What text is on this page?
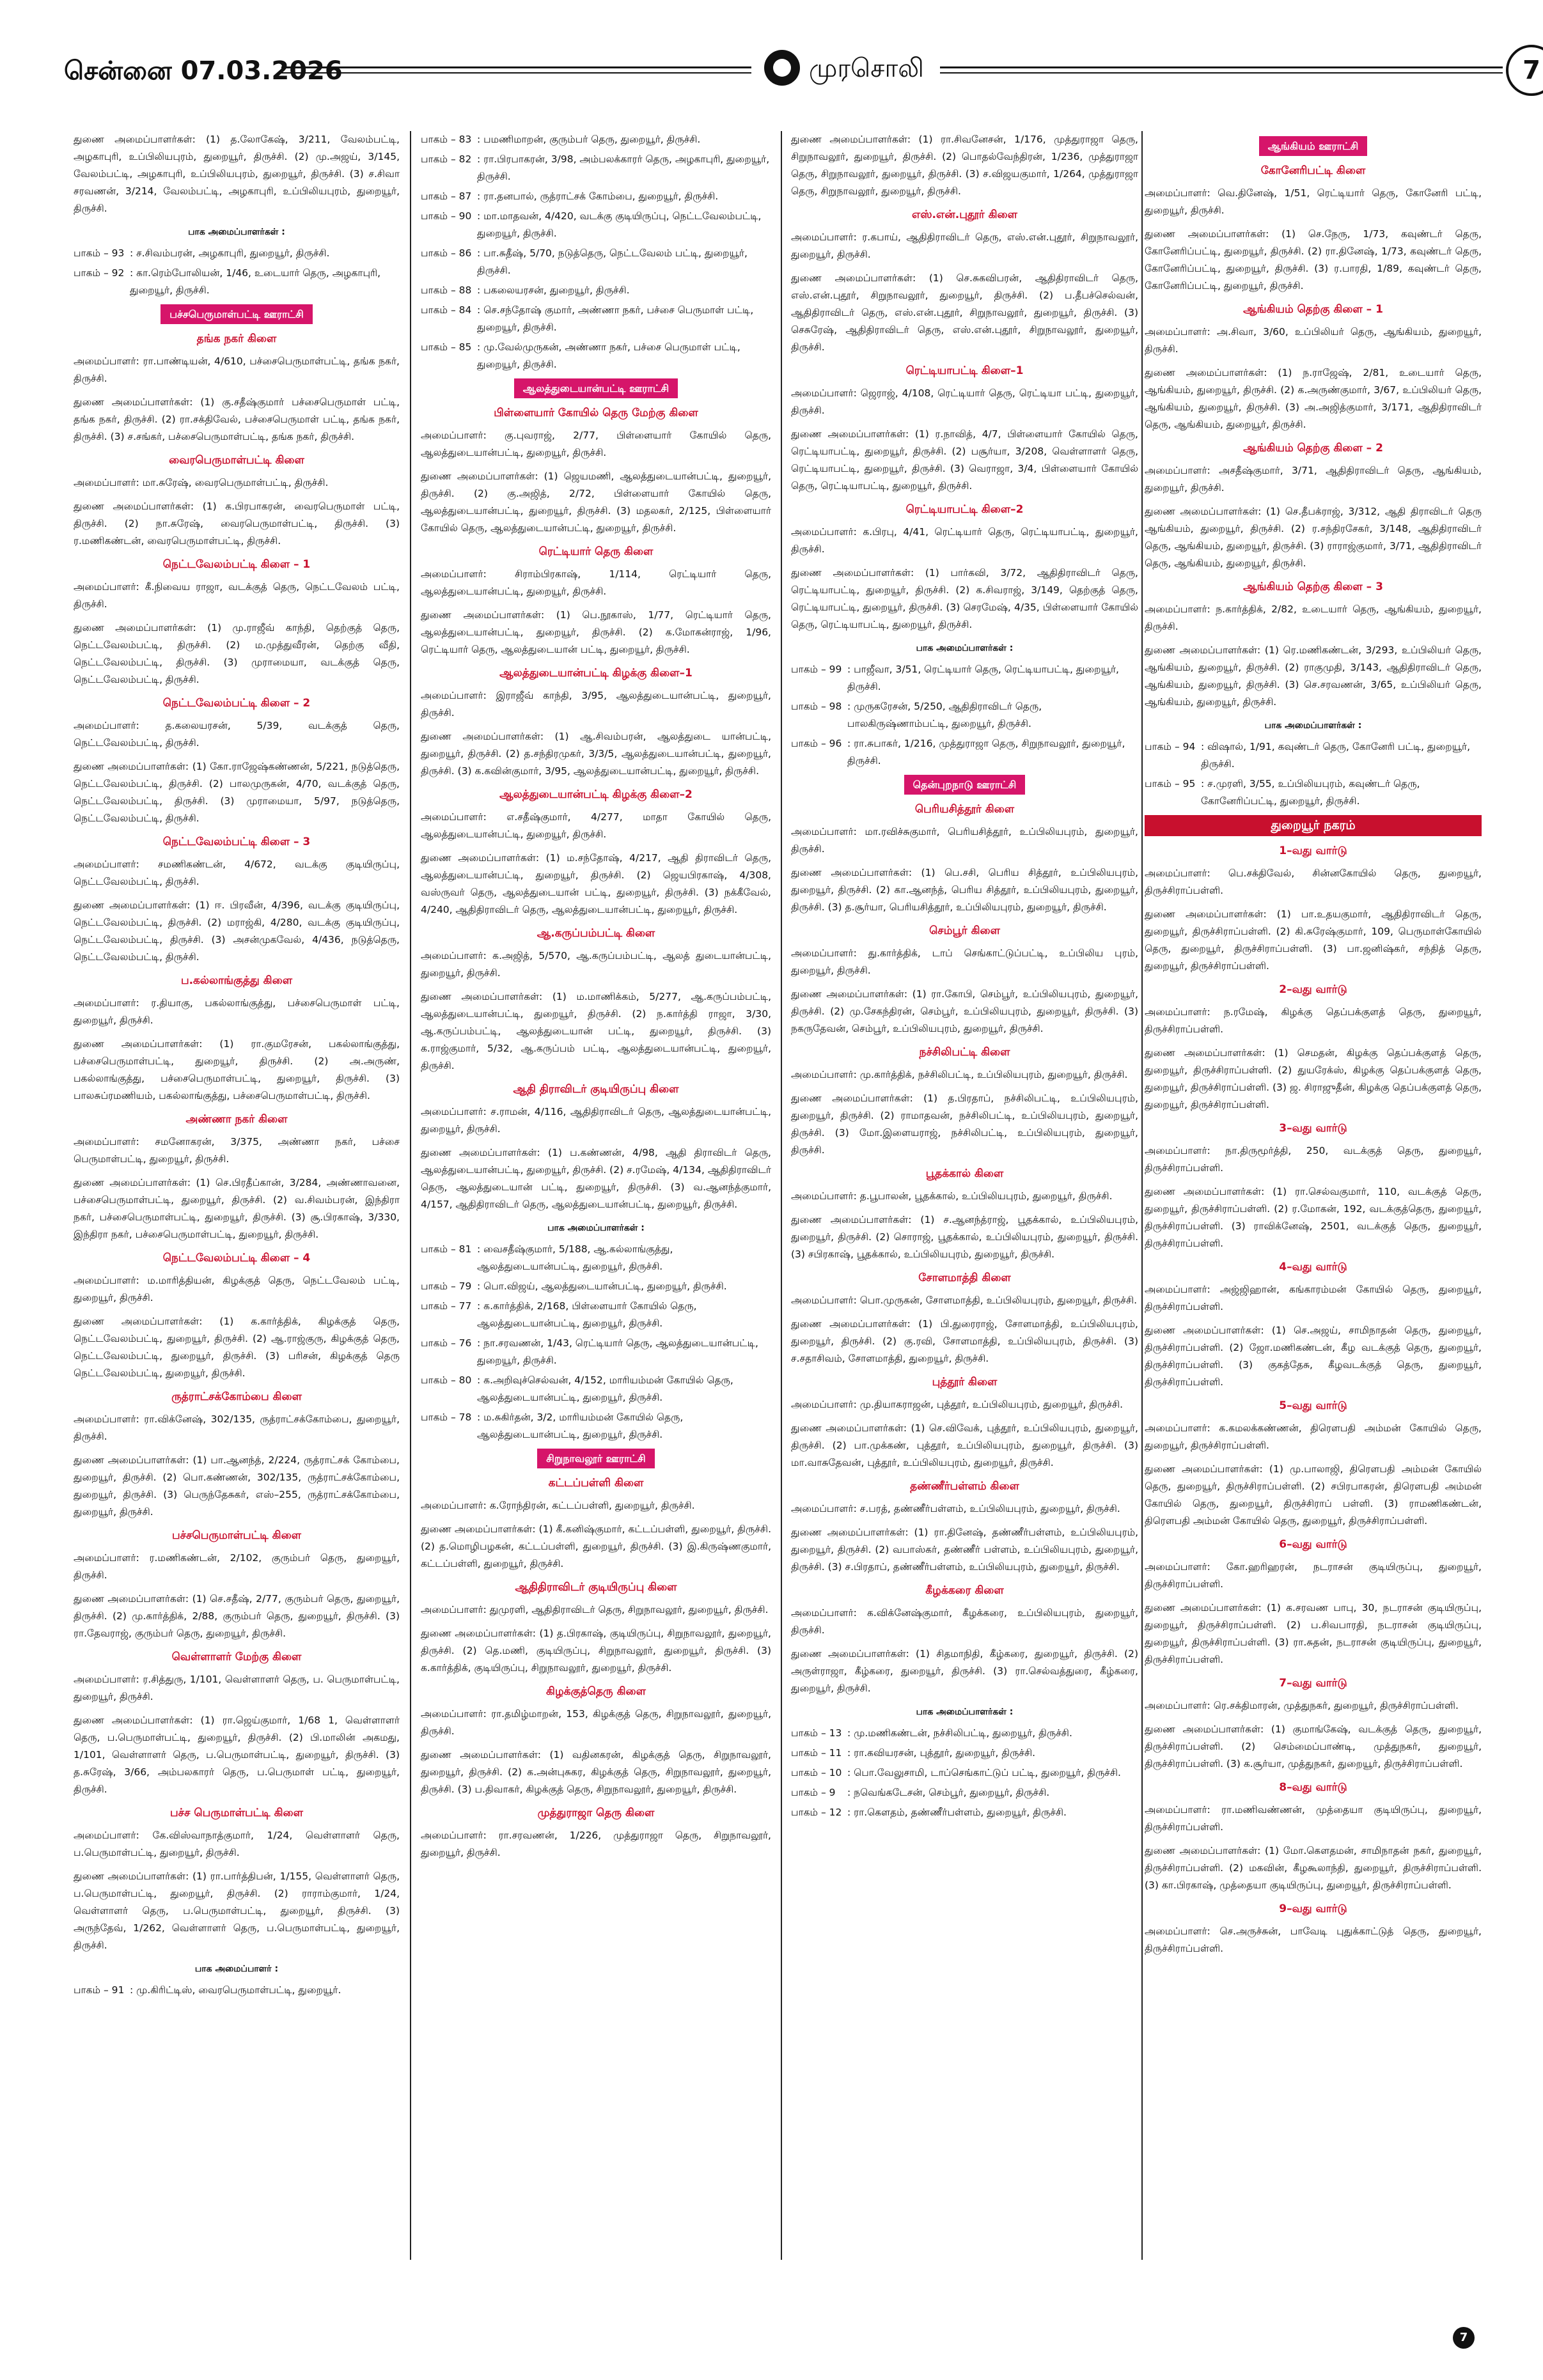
சென்னை 07.03.2026	முரசொலி	7
துணை அமைப்பாளர்கள்: (1) த.லோகேஷ், 3/211, வேலம்பட்டி, அழகாபுரி, உப்பிலியபுரம், துறையூர், திருச்சி. (2) மு.அஜய், 3/145, வேலம்பட்டி, அழகாபுரி, உப்பிலியபுரம், துறையூர், திருச்சி. (3) ச.சிவா சரவணன், 3/214, வேலம்பட்டி, அழகாபுரி, உப்பிலியபுரம், துறையூர், திருச்சி.
பாக அமைப்பாளர்கள் :
பாகம் – 93 : ச.சிவம்பரன், அழகாபுரி, துறையூர், திருச்சி.
பாகம் – 92 : கா.ரெம்போலியன், 1/46, உடையார் தெரு, அழகாபுரி, துறையூர், திருச்சி.
பச்சபெருமாள்பட்டி ஊராட்சி
தங்க நகர் கிளை
அமைப்பாளர்: ரா.பாண்டியன், 4/610, பச்சைபெருமாள்பட்டி, தங்க நகர், திருச்சி.
துணை அமைப்பாளர்கள்: (1) கு.சதீஷ்குமார் பச்சைபெருமாள் பட்டி, தங்க நகர், திருச்சி. (2) ரா.சக்திவேல், பச்சைபெருமாள் பட்டி, தங்க நகர், திருச்சி. (3) ச.சங்கர், பச்சைபெருமாள்பட்டி, தங்க நகர், திருச்சி.
வைரபெருமாள்பட்டி கிளை
அமைப்பாளர்: மா.சுரேஷ், வைரபெருமாள்பட்டி, திருச்சி.
துணை அமைப்பாளர்கள்: (1) க.பிரபாகரன், வைரபெருமாள் பட்டி, திருச்சி. (2) நா.சுரேஷ், வைரபெருமாள்பட்டி, திருச்சி. (3) ர.மணிகண்டன், வைரபெருமாள்பட்டி, திருச்சி.
நெட்டவேலம்பட்டி கிளை – 1
அமைப்பாளர்: கீ.நிவைய ராஜா, வடக்குத் தெரு, நெட்டவேலம் பட்டி, திருச்சி.
துணை அமைப்பாளர்கள்: (1) மு.ராஜீவ் காந்தி, தெற்குத் தெரு, நெட்டவேலம்பட்டி, திருச்சி. (2) ம.முத்துவீரன், தெற்கு வீதி, நெட்டவேலம்பட்டி, திருச்சி. (3) முராமையா, வடக்குத் தெரு, நெட்டவேலம்பட்டி, திருச்சி.
நெட்டவேலம்பட்டி கிளை – 2
அமைப்பாளர்: த.கலையரசன், 5/39, வடக்குத் தெரு, நெட்டவேலம்பட்டி, திருச்சி.
துணை அமைப்பாளர்கள்: (1) கோ.ராஜேஷ்கண்ணன், 5/221, நடுத்தெரு, நெட்டவேலம்பட்டி, திருச்சி. (2) பாலமுருகன், 4/70, வடக்குத் தெரு, நெட்டவேலம்பட்டி, திருச்சி. (3) முராமையா, 5/97, நடுத்தெரு, நெட்டவேலம்பட்டி, திருச்சி.
நெட்டவேலம்பட்டி கிளை – 3
அமைப்பாளர்: சமணிகண்டன், 4/672, வடக்கு குடியிருப்பு, நெட்டவேலம்பட்டி, திருச்சி.
துணை அமைப்பாளர்கள்: (1) ஈ. பிரவீன், 4/396, வடக்கு குடியிருப்பு, நெட்டவேலம்பட்டி, திருச்சி. (2) மராஜ்கி, 4/280, வடக்கு குடியிருப்பு, நெட்டவேலம்பட்டி, திருச்சி. (3) அசன்முகவேல், 4/436, நடுத்தெரு, நெட்டவேலம்பட்டி, திருச்சி.
ப.கல்லாங்குத்து கிளை
அமைப்பாளர்: ர.தியாகு, பகல்லாங்குத்து, பச்சைபெருமாள் பட்டி, துறையூர், திருச்சி.
துணை அமைப்பாளர்கள்: (1) ரா.குமரேசன், பகல்லாங்குத்து, பச்சைபெருமாள்பட்டி, துறையூர், திருச்சி. (2) அ.அருண், பகல்லாங்குத்து, பச்சைபெருமாள்பட்டி, துறையூர், திருச்சி. (3) பாலசுப்ரமணியம், பகல்லாங்குத்து, பச்சைபெருமாள்பட்டி, திருச்சி.
அண்ணா நகர் கிளை
அமைப்பாளர்: சமனோகரன், 3/375, அண்ணா நகர், பச்சை பெருமாள்பட்டி, துறையூர், திருச்சி.
துணை அமைப்பாளர்கள்: (1) செ.பிரதீப்கான், 3/284, அண்ணாவனை, பச்சைபெருமாள்பட்டி, துறையூர், திருச்சி. (2) வ.சிவம்பரன், இந்திரா நகர், பச்சைபெருமாள்பட்டி, துறையூர், திருச்சி. (3) சூ.பிரகாஷ், 3/330, இந்திரா நகர், பச்சைபெருமாள்பட்டி, துறையூர், திருச்சி.
நெட்டவேலம்பட்டி கிளை – 4
அமைப்பாளர்: ம.மாரித்தியன், கிழக்குத் தெரு, நெட்டவேலம் பட்டி, துறையூர், திருச்சி.
துணை அமைப்பாளர்கள்: (1) க.கார்த்திக், கிழக்குத் தெரு, நெட்டவேலம்பட்டி, துறையூர், திருச்சி. (2) ஆ.ராஜ்குரு, கிழக்குத் தெரு, நெட்டவேலம்பட்டி, துறையூர், திருச்சி. (3) பரிசன், கிழக்குத் தெரு நெட்டவேலம்பட்டி, துறையூர், திருச்சி.
ருத்ராட்சக்கோம்பை கிளை
அமைப்பாளர்: ரா.விக்னேஷ், 302/135, ருத்ராட்சக்கோம்பை, துறையூர், திருச்சி.
துணை அமைப்பாளர்கள்: (1) பா.ஆனந்த், 2/224, ருத்ராட்சக் கோம்பை, துறையூர், திருச்சி. (2) பொ.கண்ணன், 302/135, ருத்ராட்சக்கோம்பை, துறையூர், திருச்சி. (3) பெருந்தேசுகர், எஸ்–255, ருத்ராட்சக்கோம்பை, துறையூர், திருச்சி.
பச்சபெருமாள்பட்டி கிளை
அமைப்பாளர்: ர.மணிகண்டன், 2/102, குரும்பர் தெரு, துறையூர், திருச்சி.
துணை அமைப்பாளர்கள்: (1) செ.சதீஷ், 2/77, குரும்பர் தெரு, துறையூர், திருச்சி. (2) மு.கார்த்திக், 2/88, குரும்பர் தெரு, துறையூர், திருச்சி. (3) ரா.தேவராஜ், குரும்பர் தெரு, துறையூர், திருச்சி.
வெள்ளாளர் மேற்கு கிளை
அமைப்பாளர்: ர.சித்துரு, 1/101, வெள்ளாளர் தெரு, ப. பெருமாள்பட்டி, துறையூர், திருச்சி.
துணை அமைப்பாளர்கள்: (1) ரா.ஜெய்குமார், 1/68 1, வெள்ளாளர் தெரு, ப.பெருமாள்பட்டி, துறையூர், திருச்சி. (2) பி.மாலின் அகமது, 1/101, வெள்ளாளர் தெரு, ப.பெருமாள்பட்டி, துறையூர், திருச்சி. (3) த.சுரேஷ், 3/66, அம்பலகாரர் தெரு, ப.பெருமாள் பட்டி, துறையூர், திருச்சி.
பச்ச பெருமாள்பட்டி கிளை
அமைப்பாளர்: கே.விஸ்வாநாத்குமார், 1/24, வெள்ளாளர் தெரு, ப.பெருமாள்பட்டி, துறையூர், திருச்சி.
துணை அமைப்பாளர்கள்: (1) ரா.பார்த்திபன், 1/155, வெள்ளாளர் தெரு, ப.பெருமாள்பட்டி, துறையூர், திருச்சி. (2) ராராம்குமார், 1/24, வெள்ளாளர் தெரு, ப.பெருமாள்பட்டி, துறையூர், திருச்சி. (3) அருந்தேவ், 1/262, வெள்ளாளர் தெரு, ப.பெருமாள்பட்டி, துறையூர், திருச்சி.
பாக அமைப்பாளர் :
பாகம் – 91 : மு.கிரிட்டிஸ், வைரபெருமாள்பட்டி, துறையூர்.
பாகம் – 83 : பமணிமாறன், குரும்பர் தெரு, துறையூர், திருச்சி.
பாகம் – 82 : ரா.பிரபாகரன், 3/98, அம்பலக்காரர் தெரு, அழகாபுரி, துறையூர், திருச்சி.
பாகம் – 87 : ரா.தனபால், ருத்ராட்சக் கோம்பை, துறையூர், திருச்சி.
பாகம் – 90 : மா.மாதவன், 4/420, வடக்கு குடியிருப்பு, நெட்டவேலம்பட்டி, துறையூர், திருச்சி.
பாகம் – 86 : பா.சுதீஷ், 5/70, நடுத்தெரு, நெட்டவேலம் பட்டி, துறையூர், திருச்சி.
பாகம் – 88 : பகலையரசன், துறையூர், திருச்சி.
பாகம் – 84 : செ.சந்தோஷ் குமார், அண்ணா நகர், பச்சை பெருமாள் பட்டி, துறையூர், திருச்சி.
பாகம் – 85 : மு.வேல்முருகன், அண்ணா நகர், பச்சை பெருமாள் பட்டி, துறையூர், திருச்சி.
ஆலத்துடையான்பட்டி ஊராட்சி
பிள்ளையார் கோயில் தெரு மேற்கு கிளை
அமைப்பாளர்: கு.புவராஜ், 2/77, பிள்ளையார் கோயில் தெரு, ஆலத்துடையான்பட்டி, துறையூர், திருச்சி.
துணை அமைப்பாளர்கள்: (1) ஜெயமணி, ஆலத்துடையான்பட்டி, துறையூர், திருச்சி. (2) கு.அஜித், 2/72, பிள்ளையார் கோயில் தெரு, ஆலத்துடையான்பட்டி, துறையூர், திருச்சி. (3) மதலகர், 2/125, பிள்ளையார் கோயில் தெரு, ஆலத்துடையான்பட்டி, துறையூர், திருச்சி.
ரெட்டியார் தெரு கிளை
அமைப்பாளர்: சிராம்பிரகாஷ், 1/114, ரெட்டியார் தெரு, ஆலத்துடையான்பட்டி, துறையூர், திருச்சி.
துணை அமைப்பாளர்கள்: (1) பெ.நூகாஸ், 1/77, ரெட்டியார் தெரு, ஆலத்துடையான்பட்டி, துறையூர், திருச்சி. (2) க.மோகன்ராஜ், 1/96, ரெட்டியார் தெரு, ஆலத்துடையான் பட்டி, துறையூர், திருச்சி.
ஆலத்துடையான்பட்டி கிழக்கு கிளை–1
அமைப்பாளர்: இராஜீவ் காந்தி, 3/95, ஆலத்துடையான்பட்டி, துறையூர், திருச்சி.
துணை அமைப்பாளர்கள்: (1) ஆ.சிவம்பரன், ஆலத்துடை யான்பட்டி, துறையூர், திருச்சி. (2) த.சந்திரமுகர், 3/3/5, ஆலத்துடையான்பட்டி, துறையூர், திருச்சி. (3) க.கவின்குமார், 3/95, ஆலத்துடையான்பட்டி, துறையூர், திருச்சி.
ஆலத்துடையான்பட்டி கிழக்கு கிளை–2
அமைப்பாளர்: எ.சதீஷ்குமார், 4/277, மாதா கோயில் தெரு, ஆலத்துடையான்பட்டி, துறையூர், திருச்சி.
துணை அமைப்பாளர்கள்: (1) ம.சந்தோஷ், 4/217, ஆதி திராவிடர் தெரு, ஆலத்துடையான்பட்டி, துறையூர், திருச்சி. (2) ஜெயபிரகாஷ், 4/308, வஸ்ருவர் தெரு, ஆலத்துடையான் பட்டி, துறையூர், திருச்சி. (3) நக்கீவேல், 4/240, ஆதிதிராவிடர் தெரு, ஆலத்துடையான்பட்டி, துறையூர், திருச்சி.
ஆ.கருப்பம்பட்டி கிளை
அமைப்பாளர்: க.அஜித், 5/570, ஆ.கருப்பம்பட்டி, ஆலத் துடையான்பட்டி, துறையூர், திருச்சி.
துணை அமைப்பாளர்கள்: (1) ம.மாணிக்கம், 5/277, ஆ.கருப்பம்பட்டி, ஆலத்துடையான்பட்டி, துறையூர், திருச்சி. (2) ந.கார்த்தி ராஜா, 3/30, ஆ.கருப்பம்பட்டி, ஆலத்துடையான் பட்டி, துறையூர், திருச்சி. (3) க.ராஜ்குமார், 5/32, ஆ.கருப்பம் பட்டி, ஆலத்துடையான்பட்டி, துறையூர், திருச்சி.
ஆதி திராவிடர் குடியிருப்பு கிளை
அமைப்பாளர்: ச.ராமன், 4/116, ஆதிதிராவிடர் தெரு, ஆலத்துடையான்பட்டி, துறையூர், திருச்சி.
துணை அமைப்பாளர்கள்: (1) ப.கண்ணன், 4/98, ஆதி திராவிடர் தெரு, ஆலத்துடையான்பட்டி, துறையூர், திருச்சி. (2) ச.ரமேஷ், 4/134, ஆதிதிராவிடர் தெரு, ஆலத்துடையான் பட்டி, துறையூர், திருச்சி. (3) வ.ஆனந்த்குமார், 4/157, ஆதிதிராவிடர் தெரு, ஆலத்துடையான்பட்டி, துறையூர், திருச்சி.
பாக அமைப்பாளர்கள் :
பாகம் – 81 : வைசதீஷ்குமார், 5/188, ஆ.கல்லாங்குத்து, ஆலத்துடையான்பட்டி, துறையூர், திருச்சி.
பாகம் – 79 : பொ.விஜய், ஆலத்துடையான்பட்டி, துறையூர், திருச்சி.
பாகம் – 77 : க.கார்த்திக், 2/168, பிள்ளையார் கோயில் தெரு, ஆலத்துடையான்பட்டி, துறையூர், திருச்சி.
பாகம் – 76 : நா.சரவணன், 1/43, ரெட்டியார் தெரு, ஆலத்துடையான்பட்டி, துறையூர், திருச்சி.
பாகம் – 80 : க.அறிவுச்செல்வன், 4/152, மாரியம்மன் கோயில் தெரு, ஆலத்துடையான்பட்டி, துறையூர், திருச்சி.
பாகம் – 78 : ம.சுகிர்தன், 3/2, மாரியம்மன் கோயில் தெரு, ஆலத்துடையான்பட்டி, துறையூர், திருச்சி.
சிறுநாவலூர் ஊராட்சி
கட்டப்பள்ளி கிளை
அமைப்பாளர்: க.ரோந்திரன், கட்டப்பள்ளி, துறையூர், திருச்சி.
துணை அமைப்பாளர்கள்: (1) கீ.கனிஷ்குமார், கட்டப்பள்ளி, துறையூர், திருச்சி. (2) த.மொழிபழகன், கட்டப்பள்ளி, துறையூர், திருச்சி. (3) இ.கிருஷ்ணகுமார், கட்டப்பள்ளி, துறையூர், திருச்சி.
ஆதிதிராவிடர் குடியிருப்பு கிளை
அமைப்பாளர்: துமுரளி, ஆதிதிராவிடர் தெரு, சிறுநாவலூர், துறையூர், திருச்சி.
துணை அமைப்பாளர்கள்: (1) த.பிரகாஷ், குடியிருப்பு, சிறுநாவலூர், துறையூர், திருச்சி. (2) தெ.மணி, குடியிருப்பு, சிறுநாவலூர், துறையூர், திருச்சி. (3) க.கார்த்திக், குடியிருப்பு, சிறுநாவலூர், துறையூர், திருச்சி.
கிழக்குத்தெரு கிளை
அமைப்பாளர்: ரா.தமிழ்மாறன், 153, கிழக்குத் தெரு, சிறுநாவலூர், துறையூர், திருச்சி.
துணை அமைப்பாளர்கள்: (1) வதினகரன், கிழக்குத் தெரு, சிறுநாவலூர், துறையூர், திருச்சி. (2) க.அன்புசுகர, கிழக்குத் தெரு, சிறுநாவலூர், துறையூர், திருச்சி. (3) ப.திவாகர், கிழக்குத் தெரு, சிறுநாவலூர், துறையூர், திருச்சி.
முத்துராஜா தெரு கிளை
அமைப்பாளர்: ரா.சரவணன், 1/226, முத்துராஜா தெரு, சிறுநாவலூர், துறையூர், திருச்சி.
துணை அமைப்பாளர்கள்: (1) ரா.சிவனேசன், 1/176, முத்துராஜா தெரு, சிறுநாவலூர், துறையூர், திருச்சி. (2) பொதல்வேந்திரன், 1/236, முத்துராஜா தெரு, சிறுநாவலூர், துறையூர், திருச்சி. (3) ச.விஜயகுமார், 1/264, முத்துராஜா தெரு, சிறுநாவலூர், துறையூர், திருச்சி.
எஸ்.என்.புதூர் கிளை
அமைப்பாளர்: ர.கபாய், ஆதிதிராவிடர் தெரு, எஸ்.என்.புதூர், சிறுநாவலூர், துறையூர், திருச்சி.
துணை அமைப்பாளர்கள்: (1) செ.சுகவிபரன், ஆதிதிராவிடர் தெரு, எஸ்.என்.புதூர், சிறுநாவலூர், துறையூர், திருச்சி. (2) ப.தீபச்செல்வன், ஆதிதிராவிடர் தெரு, எஸ்.என்.புதூர், சிறுநாவலூர், துறையூர், திருச்சி. (3) செசுரேஷ், ஆதிதிராவிடர் தெரு, எஸ்.என்.புதூர், சிறுநாவலூர், துறையூர், திருச்சி.
ரெட்டியாபட்டி கிளை–1
அமைப்பாளர்: ஜெராஜ், 4/108, ரெட்டியார் தெரு, ரெட்டியா பட்டி, துறையூர், திருச்சி.
துணை அமைப்பாளர்கள்: (1) ர.நாவித், 4/7, பிள்ளையார் கோயில் தெரு, ரெட்டியாபட்டி, துறையூர், திருச்சி. (2) பசூர்யா, 3/208, வெள்ளாளர் தெரு, ரெட்டியாபட்டி, துறையூர், திருச்சி. (3) வெராஜா, 3/4, பிள்ளையார் கோயில் தெரு, ரெட்டியாபட்டி, துறையூர், திருச்சி.
ரெட்டியாபட்டி கிளை–2
அமைப்பாளர்: க.பிரபு, 4/41, ரெட்டியார் தெரு, ரெட்டியாபட்டி, துறையூர், திருச்சி.
துணை அமைப்பாளர்கள்: (1) பார்கவி, 3/72, ஆதிதிராவிடர் தெரு, ரெட்டியாபட்டி, துறையூர், திருச்சி. (2) க.சிவராஜ், 3/149, தெற்குத் தெரு, ரெட்டியாபட்டி, துறையூர், திருச்சி. (3) செரமேஷ், 4/35, பிள்ளையார் கோயில் தெரு, ரெட்டியாபட்டி, துறையூர், திருச்சி.
பாக அமைப்பாளர்கள் :
பாகம் – 99 : பாஜீவா, 3/51, ரெட்டியார் தெரு, ரெட்டியாபட்டி, துறையூர், திருச்சி.
பாகம் – 98 : முருகரேசன், 5/250, ஆதிதிராவிடர் தெரு, பாலகிருஷ்ணாம்பட்டி, துறையூர், திருச்சி.
பாகம் – 96 : ரா.சுபாகர், 1/216, முத்துராஜா தெரு, சிறுநாவலூர், துறையூர், திருச்சி.
தென்புறநாடு ஊராட்சி
பெரியசித்தூர் கிளை
அமைப்பாளர்: மா.ரவிச்சுகுமார், பெரியசித்தூர், உப்பிலியபுரம், துறையூர், திருச்சி.
துணை அமைப்பாளர்கள்: (1) பெ.சசி, பெரிய சித்தூர், உப்பிலியபுரம், துறையூர், திருச்சி. (2) கா.ஆனந்த், பெரிய சித்தூர், உப்பிலியபுரம், துறையூர், திருச்சி. (3) த.சூர்யா, பெரியசித்தூர், உப்பிலியபுரம், துறையூர், திருச்சி.
செம்பூர் கிளை
அமைப்பாளர்: து.கார்த்திக், டாப் செங்காட்டுப்பட்டி, உப்பிலிய புரம், துறையூர், திருச்சி.
துணை அமைப்பாளர்கள்: (1) ரா.கோபி, செம்பூர், உப்பிலியபுரம், துறையூர், திருச்சி. (2) மு.சேகந்திரன், செம்பூர், உப்பிலியபுரம், துறையூர், திருச்சி. (3) நகருதேவன், செம்பூர், உப்பிலியபுரம், துறையூர், திருச்சி.
நச்சிலிபட்டி கிளை
அமைப்பாளர்: மு.கார்த்திக், நச்சிலிபட்டி, உப்பிலியபுரம், துறையூர், திருச்சி.
துணை அமைப்பாளர்கள்: (1) த.பிரதாப், நச்சிலிபட்டி, உப்பிலியபுரம், துறையூர், திருச்சி. (2) ராமாதவன், நச்சிலிபட்டி, உப்பிலியபுரம், துறையூர், திருச்சி. (3) மோ.இளையராஜ், நச்சிலிபட்டி, உப்பிலியபுரம், துறையூர், திருச்சி.
பூதக்கால் கிளை
அமைப்பாளர்: த.பூபாலன், பூதக்கால், உப்பிலியபுரம், துறையூர், திருச்சி.
துணை அமைப்பாளர்கள்: (1) ச.ஆனந்த்ராஜ், பூதக்கால், உப்பிலியபுரம், துறையூர், திருச்சி. (2) சொராஜ், பூதக்கால், உப்பிலியபுரம், துறையூர், திருச்சி. (3) சபிரகாஷ், பூதக்கால், உப்பிலியபுரம், துறையூர், திருச்சி.
சோளமாத்தி கிளை
அமைப்பாளர்: பொ.முருகன், சோளமாத்தி, உப்பிலியபுரம், துறையூர், திருச்சி.
துணை அமைப்பாளர்கள்: (1) பி.துரைராஜ், சோளமாத்தி, உப்பிலியபுரம், துறையூர், திருச்சி. (2) கு.ரவி, சோளமாத்தி, உப்பிலியபுரம், திருச்சி. (3) ச.சதாசிவம், சோளமாத்தி, துறையூர், திருச்சி.
புத்தூர் கிளை
அமைப்பாளர்: மு.தியாகராஜன், புத்தூர், உப்பிலியபுரம், துறையூர், திருச்சி.
துணை அமைப்பாளர்கள்: (1) செ.விவேக், புத்தூர், உப்பிலியபுரம், துறையூர், திருச்சி. (2) பா.முக்கண், புத்தூர், உப்பிலியபுரம், துறையூர், திருச்சி. (3) மா.வாசுதேவன், புத்தூர், உப்பிலியபுரம், துறையூர், திருச்சி.
தண்ணீர்பள்ளம் கிளை
அமைப்பாளர்: ச.பரத், தண்ணீர்பள்ளம், உப்பிலியபுரம், துறையூர், திருச்சி.
துணை அமைப்பாளர்கள்: (1) ரா.தினேஷ், தண்ணீர்பள்ளம், உப்பிலியபுரம், துறையூர், திருச்சி. (2) வபாஸ்கர், தண்ணீர் பள்ளம், உப்பிலியபுரம், துறையூர், திருச்சி. (3) ச.பிரதாப், தண்ணீர்பள்ளம், உப்பிலியபுரம், துறையூர், திருச்சி.
கீழக்கரை கிளை
அமைப்பாளர்: க.விக்னேஷ்குமார், கீழக்கரை, உப்பிலியபுரம், துறையூர், திருச்சி.
துணை அமைப்பாளர்கள்: (1) சிதமாநிதி, கீழ்கரை, துறையூர், திருச்சி. (2) அருள்ராஜா, கீழ்கரை, துறையூர், திருச்சி. (3) ரா.செல்வத்துரை, கீழ்கரை, துறையூர், திருச்சி.
பாக அமைப்பாளர்கள் :
பாகம் – 13 : மு.மணிகண்டன், நச்சிலிபட்டி, துறையூர், திருச்சி.
பாகம் – 11 : ரா.கவியரசன், புத்தூர், துறையூர், திருச்சி.
பாகம் – 10 : பொ.வேலுசாமி, டாப்செங்காட்டுப் பட்டி, துறையூர், திருச்சி.
பாகம் – 9	: நவெங்கடேசன், செம்பூர், துறையூர், திருச்சி.
பாகம் – 12 : ரா.கௌதம், தண்ணீர்பள்ளம், துறையூர், திருச்சி.
ஆங்கியம் ஊராட்சி
கோனேரிபட்டி கிளை
அமைப்பாளர்: வெ.தினேஷ், 1/51, ரெட்டியார் தெரு, கோனேரி பட்டி, துறையூர், திருச்சி.
துணை அமைப்பாளர்கள்: (1) செ.நேரு, 1/73, கவுண்டர் தெரு, கோனேரிப்பட்டி, துறையூர், திருச்சி. (2) ரா.தினேஷ், 1/73, கவுண்டர் தெரு, கோனேரிப்பட்டி, துறையூர், திருச்சி. (3) ர.பாரதி, 1/89, கவுண்டர் தெரு, கோனேரிப்பட்டி, துறையூர், திருச்சி.
ஆங்கியம் தெற்கு கிளை – 1
அமைப்பாளர்: அ.சிவா, 3/60, உப்பிலியர் தெரு, ஆங்கியம், துறையூர், திருச்சி.
துணை அமைப்பாளர்கள்: (1) ந.ராஜேஷ், 2/81, உடையார் தெரு, ஆங்கியம், துறையூர், திருச்சி. (2) க.அருண்குமார், 3/67, உப்பிலியர் தெரு, ஆங்கியம், துறையூர், திருச்சி. (3) அ.அஜித்குமார், 3/171, ஆதிதிராவிடர் தெரு, ஆங்கியம், துறையூர், திருச்சி.
ஆங்கியம் தெற்கு கிளை – 2
அமைப்பாளர்: அசதீஷ்குமார், 3/71, ஆதிதிராவிடர் தெரு, ஆங்கியம், துறையூர், திருச்சி.
துணை அமைப்பாளர்கள்: (1) செ.தீபக்ராஜ், 3/312, ஆதி திராவிடர் தெரு ஆங்கியம், துறையூர், திருச்சி. (2) ர.சந்திரசேகர், 3/148, ஆதிதிராவிடர் தெரு, ஆங்கியம், துறையூர், திருச்சி. (3) ராராஜ்குமார், 3/71, ஆதிதிராவிடர் தெரு, ஆங்கியம், துறையூர், திருச்சி.
ஆங்கியம் தெற்கு கிளை – 3
அமைப்பாளர்: ந.கார்த்திக், 2/82, உடையார் தெரு, ஆங்கியம், துறையூர், திருச்சி.
துணை அமைப்பாளர்கள்: (1) ரெ.மணிகண்டன், 3/293, உப்பிலியர் தெரு, ஆங்கியம், துறையூர், திருச்சி. (2) ராகுமுதி, 3/143, ஆதிதிராவிடர் தெரு, ஆங்கியம், துறையூர், திருச்சி. (3) செ.சரவணன், 3/65, உப்பிலியர் தெரு, ஆங்கியம், துறையூர், திருச்சி.
பாக அமைப்பாளர்கள் :
பாகம் – 94 : விஷால், 1/91, கவுண்டர் தெரு, கோனேரி பட்டி, துறையூர், திருச்சி.
பாகம் – 95 : ச.முரளி, 3/55, உப்பிலியபுரம், கவுண்டர் தெரு, கோனேரிப்பட்டி, துறையூர், திருச்சி.
துறையூர் நகரம்
1–வது வார்டு
அமைப்பாளர்: பெ.சக்திவேல், சின்னகோயில் தெரு, துறையூர், திருச்சிராப்பள்ளி.
துணை அமைப்பாளர்கள்: (1) பா.உதயகுமார், ஆதிதிராவிடர் தெரு, துறையூர், திருச்சிராப்பள்ளி. (2) கி.சுரேஷ்குமார், 109, பெருமாள்கோயில் தெரு, துறையூர், திருச்சிராப்பள்ளி. (3) பா.ஜனிஷ்கர், சந்தித் தெரு, துறையூர், திருச்சிராப்பள்ளி.
2–வது வார்டு
அமைப்பாளர்: ந.ரமேஷ், கிழக்கு தெப்பக்குளத் தெரு, துறையூர், திருச்சிராப்பள்ளி.
துணை அமைப்பாளர்கள்: (1) செமதன், கிழக்கு தெப்பக்குளத் தெரு, துறையூர், திருச்சிராப்பள்ளி. (2) துயரேக்ஸ், கிழக்கு தெப்பக்குளத் தெரு, துறையூர், திருச்சிராப்பள்ளி. (3) ஜ. சிராஜுதீன், கிழக்கு தெப்பக்குளத் தெரு, துறையூர், திருச்சிராப்பள்ளி.
3–வது வார்டு
அமைப்பாளர்: நா.திருமூர்த்தி, 250, வடக்குத் தெரு, துறையூர், திருச்சிராப்பள்ளி.
துணை அமைப்பாளர்கள்: (1) ரா.செல்வகுமார், 110, வடக்குத் தெரு, துறையூர், திருச்சிராப்பள்ளி. (2) ர.மோகன், 192, வடக்குத்தெரு, துறையூர், திருச்சிராப்பள்ளி. (3) ராவிக்னேஷ், 2501, வடக்குத் தெரு, துறையூர், திருச்சிராப்பள்ளி.
4–வது வார்டு
அமைப்பாளர்: அஜ்ஜிஹான், கங்காரம்மன் கோயில் தெரு, துறையூர், திருச்சிராப்பள்ளி.
துணை அமைப்பாளர்கள்: (1) செ.அஜய், சாமிநாதன் தெரு, துறையூர், திருச்சிராப்பள்ளி. (2) ஜோ.மணிகண்டன், கீழ வடக்குத் தெரு, துறையூர், திருச்சிராப்பள்ளி. (3) குகத்தேசு, கீழவடக்குத் தெரு, துறையூர், திருச்சிராப்பள்ளி.
5–வது வார்டு
அமைப்பாளர்: க.கமலக்கண்ணன், திரௌபதி அம்மன் கோயில் தெரு, துறையூர், திருச்சிராப்பள்ளி.
துணை அமைப்பாளர்கள்: (1) மு.பாலாஜி, திரௌபதி அம்மன் கோயில் தெரு, துறையூர், திருச்சிராப்பள்ளி. (2) சபிரபாகரன், திரௌபதி அம்மன் கோயில் தெரு, துறையூர், திருச்சிராப் பள்ளி. (3) ராமணிகண்டன், திரௌபதி அம்மன் கோயில் தெரு, துறையூர், திருச்சிராப்பள்ளி.
6–வது வார்டு
அமைப்பாளர்: கோ.ஹரிஹரன், நடராசன் குடியிருப்பு, துறையூர், திருச்சிராப்பள்ளி.
துணை அமைப்பாளர்கள்: (1) க.சரவண பாபு, 30, நடராசன் குடியிருப்பு, துறையூர், திருச்சிராப்பள்ளி. (2) ப.சிவபாரதி, நடராசன் குடியிருப்பு, துறையூர், திருச்சிராப்பள்ளி. (3) ரா.சுதன், நடராசன் குடியிருப்பு, துறையூர், திருச்சிராப்பள்ளி.
7–வது வார்டு
அமைப்பாளர்: ரெ.சக்திமாரன், முத்துநகர், துறையூர், திருச்சிராப்பள்ளி.
துணை அமைப்பாளர்கள்: (1) குமாங்கேஷ், வடக்குத் தெரு, துறையூர், திருச்சிராப்பள்ளி. (2) செம்மைப்பாண்டி, முத்துநகர், துறையூர், திருச்சிராப்பள்ளி. (3) க.சூர்யா, முத்துநகர், துறையூர், திருச்சிராப்பள்ளி.
8–வது வார்டு
அமைப்பாளர்: ரா.மணிவண்ணன், முத்தையா குடியிருப்பு, துறையூர், திருச்சிராப்பள்ளி.
துணை அமைப்பாளர்கள்: (1) மோ.கௌதமன், சாமிநாதன் நகர், துறையூர், திருச்சிராப்பள்ளி. (2) மகவின், கீழகூலாந்தி, துறையூர், திருச்சிராப்பள்ளி. (3) கா.பிரகாஷ், முத்தையா குடியிருப்பு, துறையூர், திருச்சிராப்பள்ளி.
9–வது வார்டு
அமைப்பாளர்: செ.அருச்சுன், பாவேடி புதுக்காட்டுத் தெரு, துறையூர், திருச்சிராப்பள்ளி.
7
